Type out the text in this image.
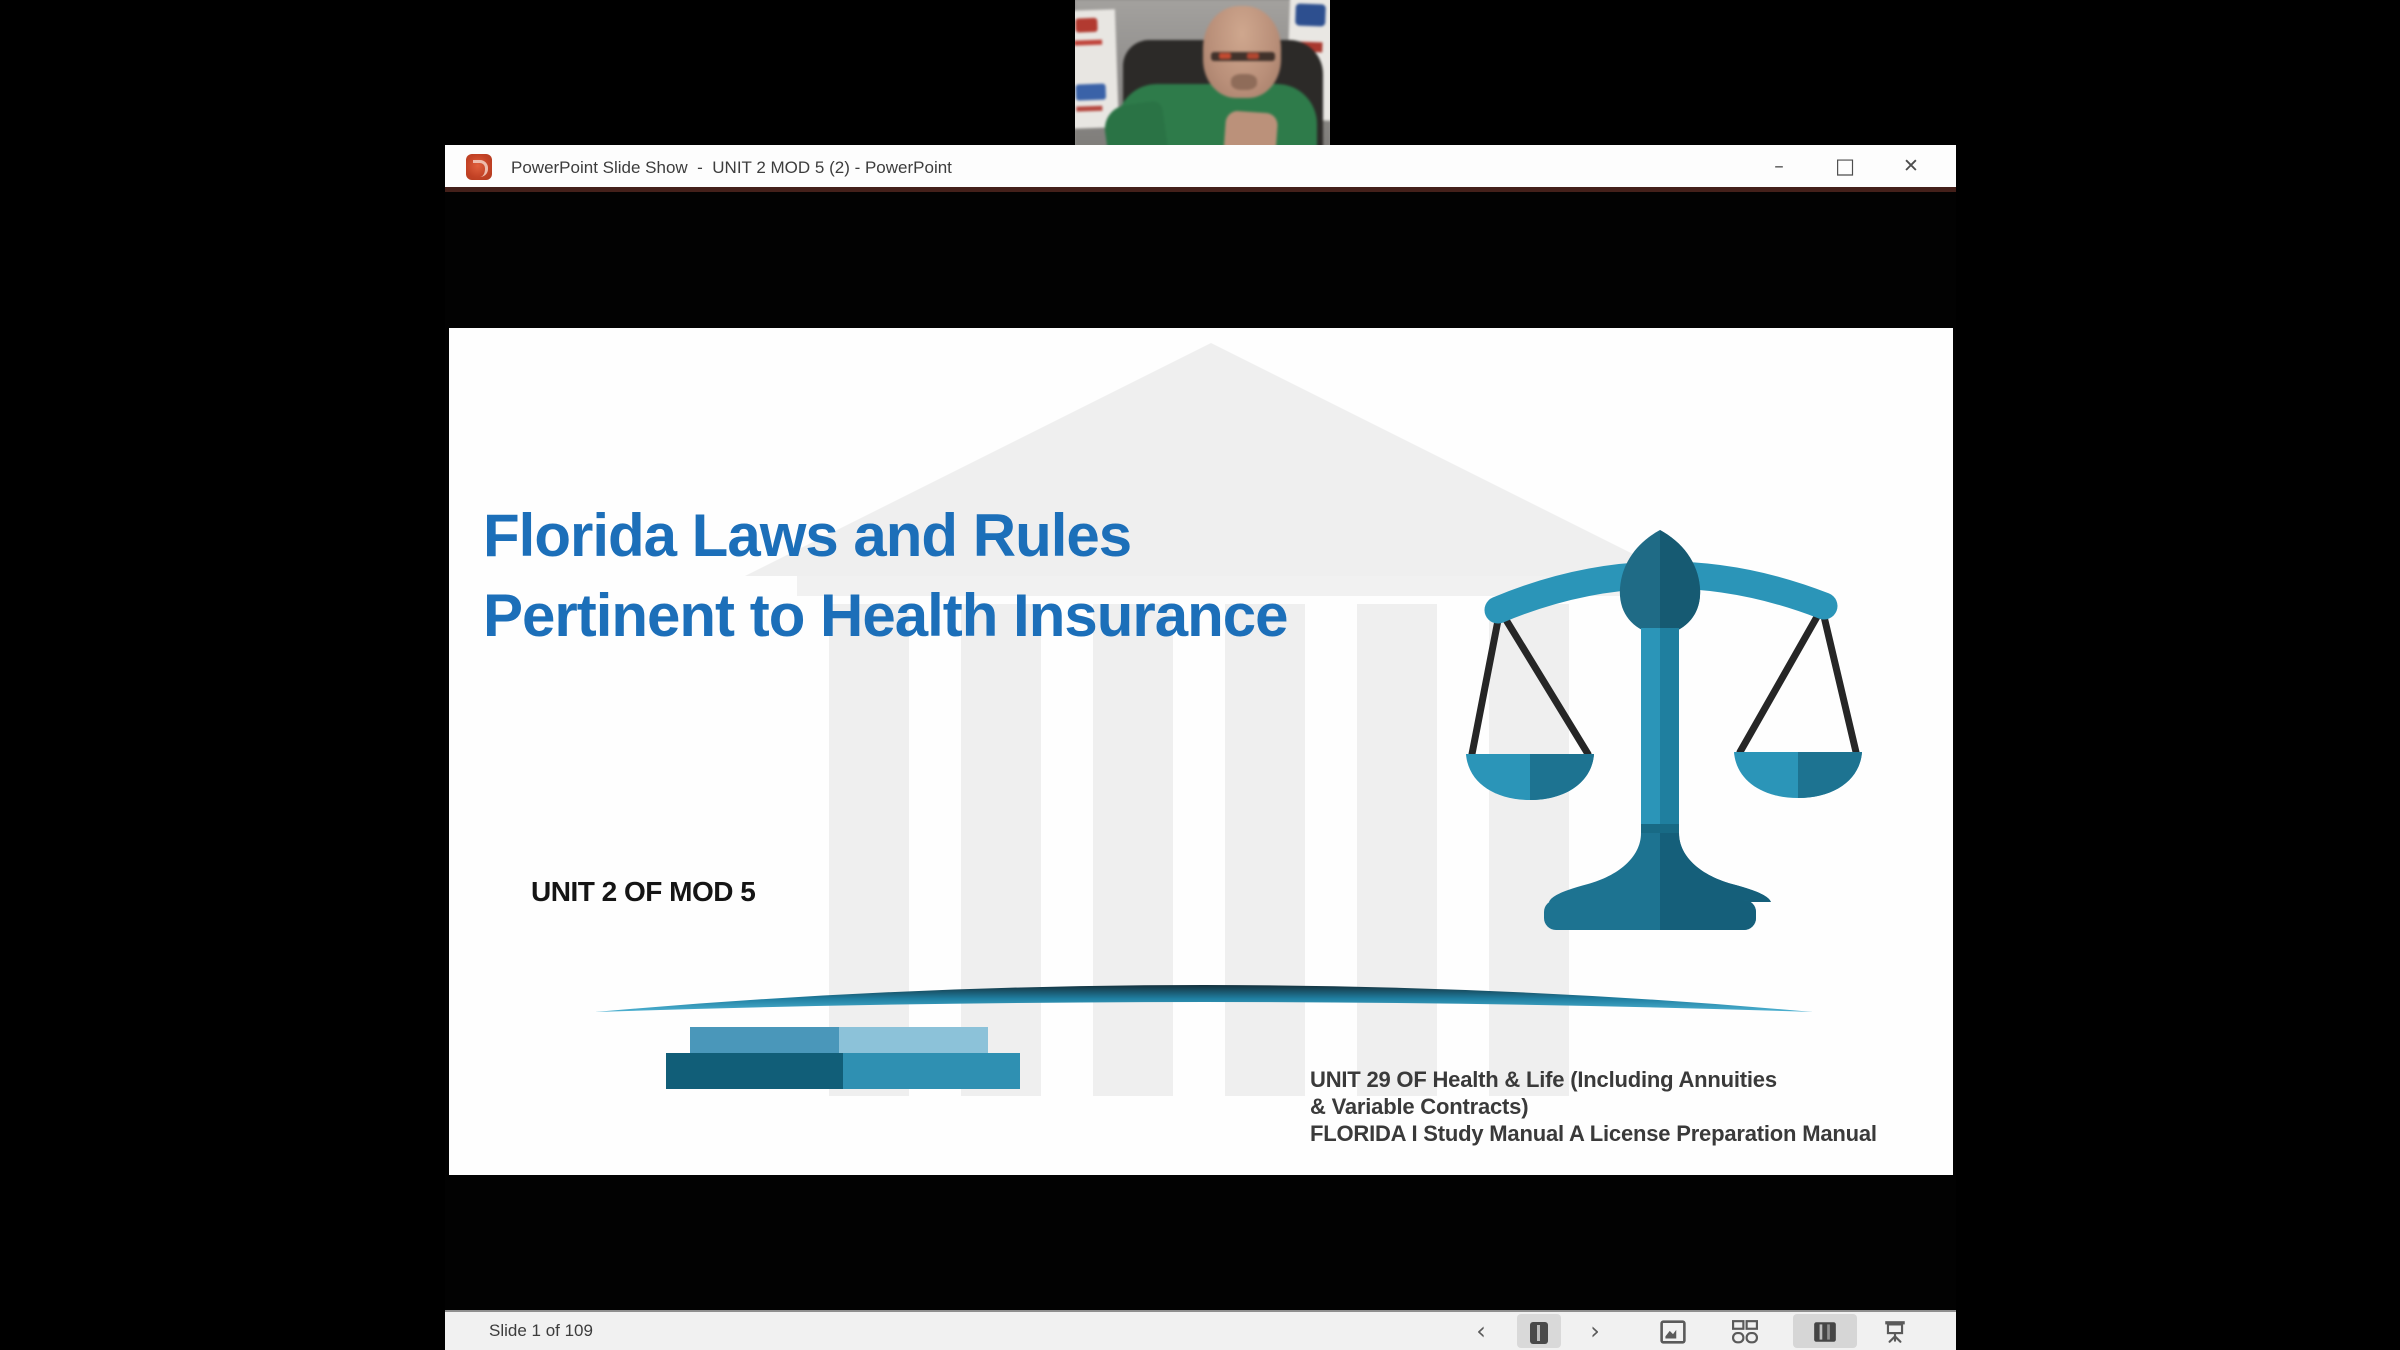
PowerPoint Slide Show  -  UNIT 2 MOD 5 (2) - PowerPoint	–	□	✕
Florida Laws and Rules
Pertinent to Health Insurance
UNIT 2 OF MOD 5
UNIT 29 OF Health & Life (Including Annuities
& Variable Contracts)
FLORIDA I Study Manual A License Preparation Manual
Slide 1 of 109	‹	›
